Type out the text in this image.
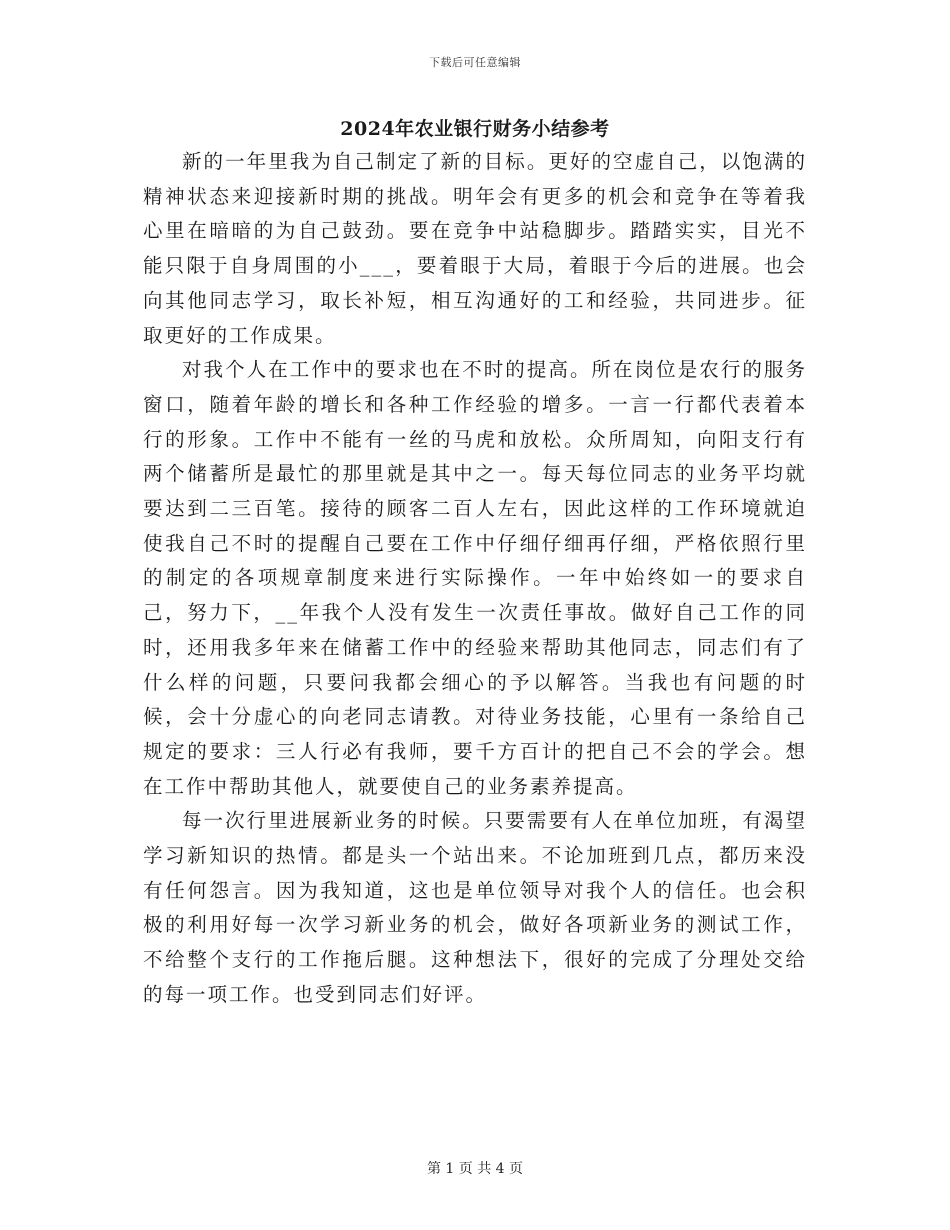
下载后可任意编辑
2024年农业银行财务小结参考

新的一年里我为自己制定了新的目标。更好的空虚自己，以饱满的精神状态来迎接新时期的挑战。明年会有更多的机会和竞争在等着我心里在暗暗的为自己鼓劲。要在竞争中站稳脚步。踏踏实实，目光不能只限于自身周围的小___，要着眼于大局，着眼于今后的进展。也会向其他同志学习，取长补短，相互沟通好的工和经验，共同进步。征取更好的工作成果。

对我个人在工作中的要求也在不时的提高。所在岗位是农行的服务窗口，随着年龄的增长和各种工作经验的增多。一言一行都代表着本行的形象。工作中不能有一丝的马虎和放松。众所周知，向阳支行有两个储蓄所是最忙的那里就是其中之一。每天每位同志的业务平均就要达到二三百笔。接待的顾客二百人左右，因此这样的工作环境就迫使我自己不时的提醒自己要在工作中仔细仔细再仔细，严格依照行里的制定的各项规章制度来进行实际操作。一年中始终如一的要求自己，努力下，__年我个人没有发生一次责任事故。做好自己工作的同时，还用我多年来在储蓄工作中的经验来帮助其他同志，同志们有了什么样的问题，只要问我都会细心的予以解答。当我也有问题的时候，会十分虚心的向老同志请教。对待业务技能，心里有一条给自己规定的要求：三人行必有我师，要千方百计的把自己不会的学会。想在工作中帮助其他人，就要使自己的业务素养提高。

每一次行里进展新业务的时候。只要需要有人在单位加班，有渴望学习新知识的热情。都是头一个站出来。不论加班到几点，都历来没有任何怨言。因为我知道，这也是单位领导对我个人的信任。也会积极的利用好每一次学习新业务的机会，做好各项新业务的测试工作，不给整个支行的工作拖后腿。这种想法下，很好的完成了分理处交给的每一项工作。也受到同志们好评。

第 1 页 共 4 页
